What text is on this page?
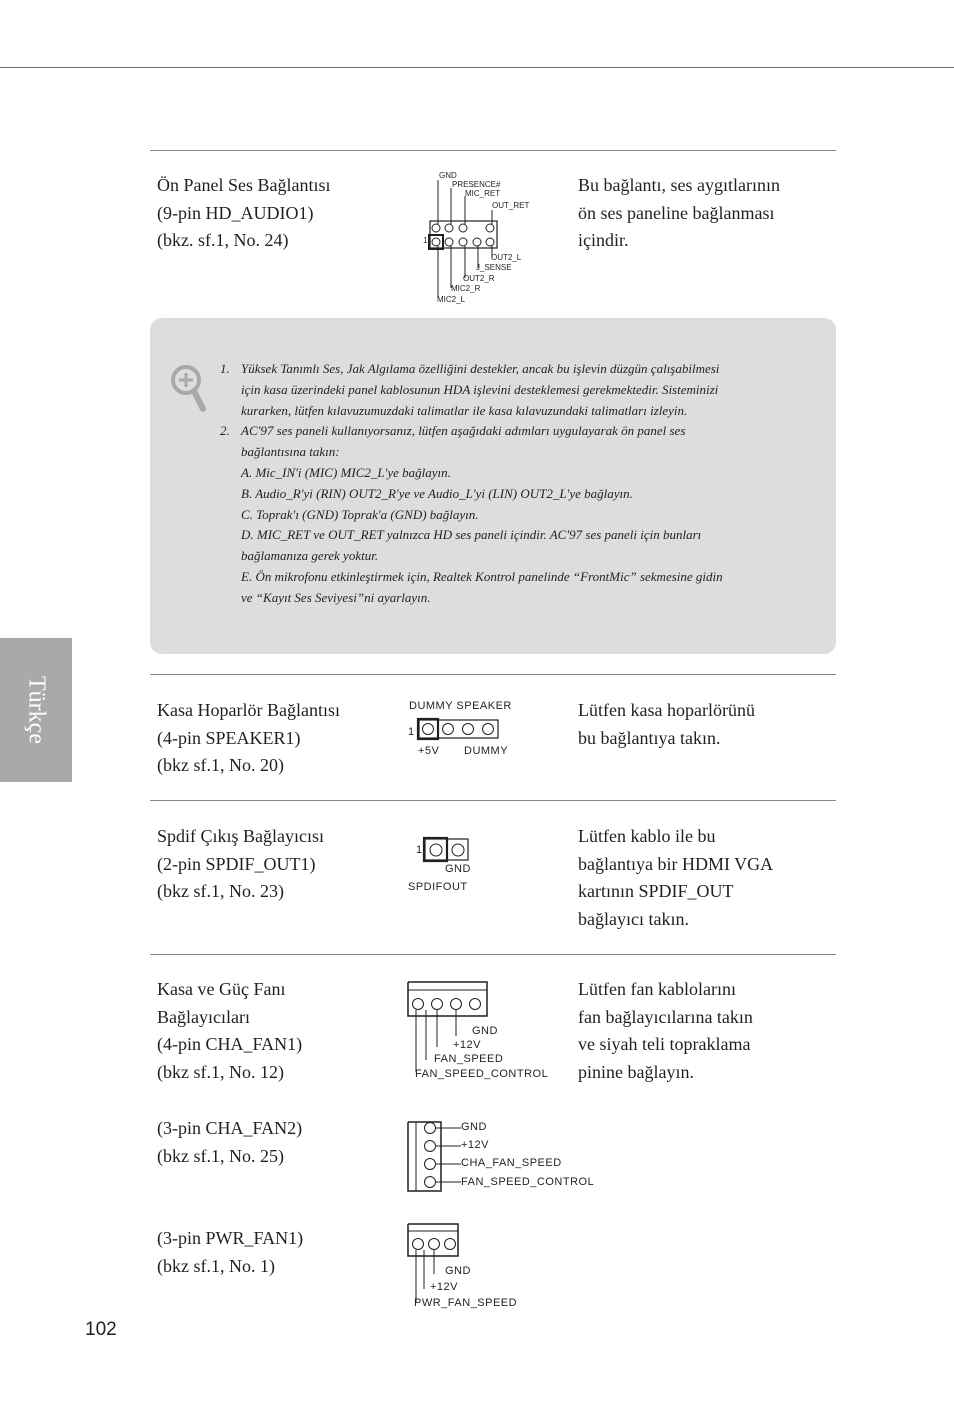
Türkçe
Ön Panel Ses Bağlantısı
(9-pin HD_AUDIO1)
(bkz. sf.1, No. 24)
Bu bağlantı, ses aygıtlarının
ön ses paneline bağlanması
içindir.
GND
PRESENCE#
MIC_RET
OUT_RET
1
OUT2_L
J_SENSE
OUT2_R
MIC2_R
MIC2_L
1. Yüksek Tanımlı Ses, Jak Algılama özelliğini destekler, ancak bu işlevin düzgün çalışabilmesi
için kasa üzerindeki panel kablosunun HDA işlevini desteklemesi gerekmektedir. Sisteminizi
kurarken, lütfen kılavuzumuzdaki talimatlar ile kasa kılavuzundaki talimatları izleyin.
2. AC'97 ses paneli kullanıyorsanız, lütfen aşağıdaki adımları uygulayarak ön panel ses
bağlantısına takın:
A. Mic_IN'i (MIC) MIC2_L'ye bağlayın.
B. Audio_R'yi (RIN) OUT2_R'ye ve Audio_L'yi (LIN) OUT2_L'ye bağlayın.
C. Toprak'ı (GND) Toprak'a (GND) bağlayın.
D. MIC_RET ve OUT_RET yalnızca HD ses paneli içindir. AC'97 ses paneli için bunları
bağlamanıza gerek yoktur.
E. Ön mikrofonu etkinleştirmek için, Realtek Kontrol panelinde “FrontMic” sekmesine gidin
ve “Kayıt Ses Seviyesi”ni ayarlayın.
Kasa Hoparlör Bağlantısı
(4-pin SPEAKER1)
(bkz sf.1, No. 20)
Lütfen kasa hoparlörünü
bu bağlantıya takın.
DUMMY SPEAKER
1
+5V DUMMY
Spdif Çıkış Bağlayıcısı
(2-pin SPDIF_OUT1)
(bkz sf.1, No. 23)
Lütfen kablo ile bu
bağlantıya bir HDMI VGA
kartının SPDIF_OUT
bağlayıcı takın.
1
GND
SPDIFOUT
Kasa ve Güç Fanı
Bağlayıcıları
(4-pin CHA_FAN1)
(bkz sf.1, No. 12)
Lütfen fan kablolarını
fan bağlayıcılarına takın
ve siyah teli topraklama
pinine bağlayın.
GND
+12V
FAN_SPEED
FAN_SPEED_CONTROL
(3-pin CHA_FAN2)
(bkz sf.1, No. 25)
GND
+12V
CHA_FAN_SPEED
FAN_SPEED_CONTROL
(3-pin PWR_FAN1)
(bkz sf.1, No. 1)	GND
+12V
PWR_FAN_SPEED
102
